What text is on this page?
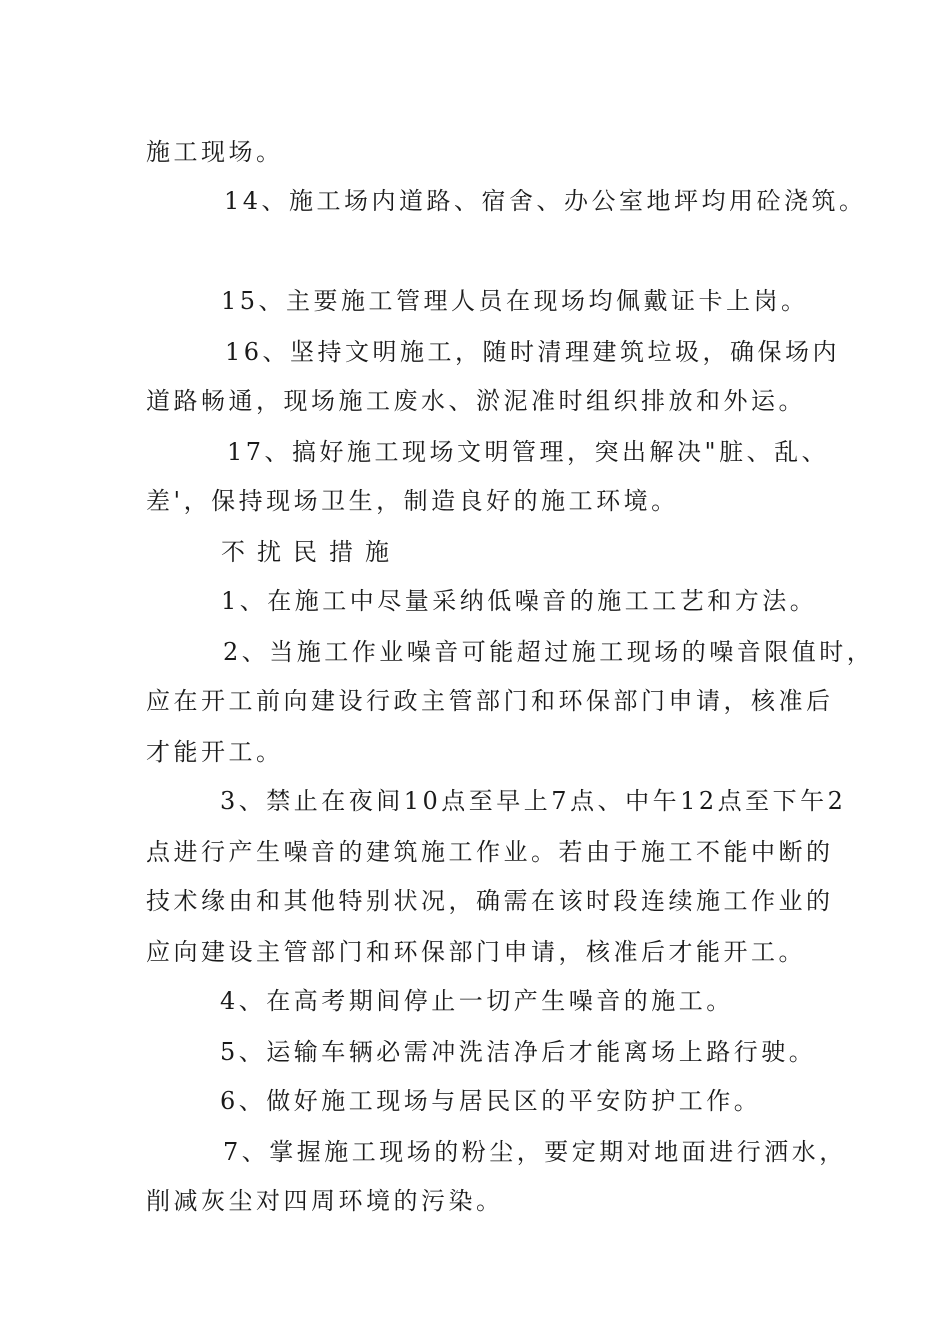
施工现场。
14、施工场内道路、宿舍、办公室地坪均用砼浇筑。
15、主要施工管理人员在现场均佩戴证卡上岗。
16、坚持文明施工，随时清理建筑垃圾，确保场内
道路畅通，现场施工废水、淤泥准时组织排放和外运。
17、搞好施工现场文明管理，突出解决"脏、乱、
差'，保持现场卫生，制造良好的施工环境。
不扰民措施
1、在施工中尽量采纳低噪音的施工工艺和方法。
2、当施工作业噪音可能超过施工现场的噪音限值时，
应在开工前向建设行政主管部门和环保部门申请，核准后
才能开工。
3、禁止在夜间10点至早上7点、中午12点至下午2
点进行产生噪音的建筑施工作业。若由于施工不能中断的
技术缘由和其他特别状况，确需在该时段连续施工作业的
应向建设主管部门和环保部门申请，核准后才能开工。
4、在高考期间停止一切产生噪音的施工。
5、运输车辆必需冲洗洁净后才能离场上路行驶。
6、做好施工现场与居民区的平安防护工作。
7、掌握施工现场的粉尘，要定期对地面进行洒水，
削减灰尘对四周环境的污染。
